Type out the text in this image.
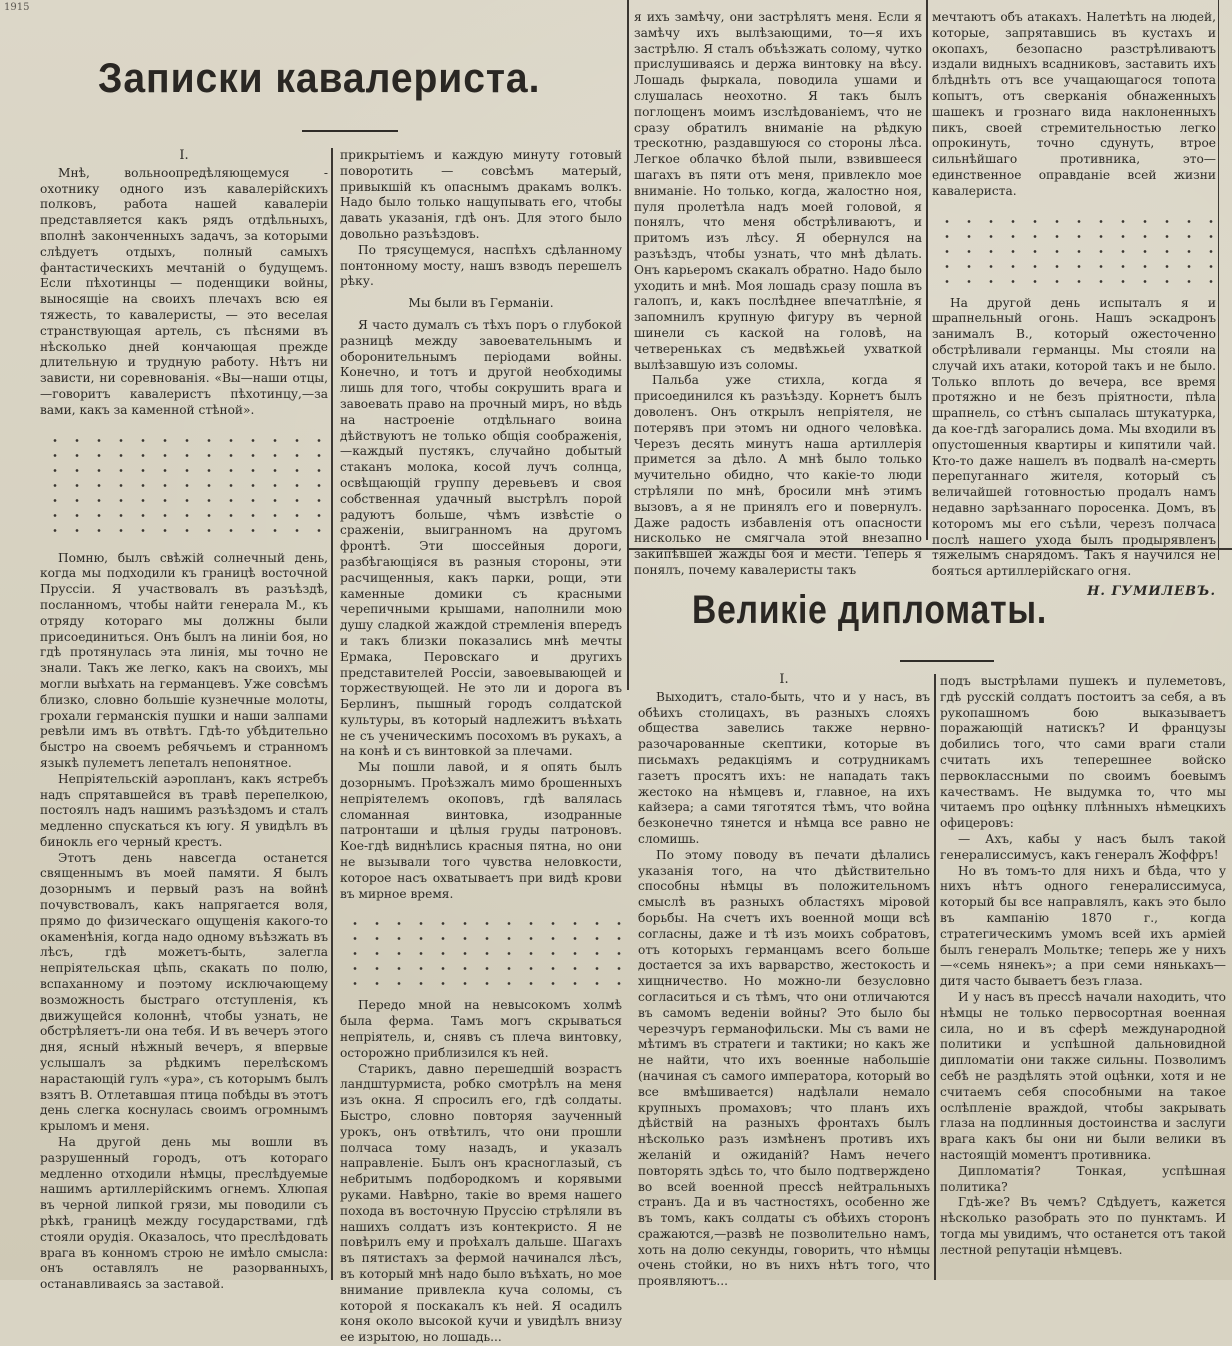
1915
Записки кавалериста.
I.

Мнѣ, вольноопредѣляющемуся - охотнику одного изъ кавалерійскихъ полковъ, работа нашей кавалеріи представляется какъ рядъ отдѣльныхъ, вполнѣ законченныхъ задачъ, за которыми слѣдуетъ отдыхъ, полный самыхъ фантастическихъ мечтаній о будущемъ. Если пѣхотинцы — поденщики войны, выносящіе на своихъ плечахъ всю ея тяжесть, то кавалеристы, — это веселая странствующая артель, съ пѣснями въ нѣсколько дней кончающая прежде длительную и трудную работу. Нѣтъ ни зависти, ни соревнованія. «Вы—наши отцы,—говоритъ кавалеристъ пѣхотинцу,—за вами, какъ за каменной стѣной».

Помню, былъ свѣжій солнечный день, когда мы подходили къ границѣ восточной Пруссіи. Я участвовалъ въ разъѣздѣ, посланномъ, чтобы найти генерала М., къ отряду котораго мы должны были присоединиться. Онъ былъ на линіи боя, но гдѣ протянулась эта линія, мы точно не знали. Такъ же легко, какъ на своихъ, мы могли выѣхать на германцевъ. Уже совсѣмъ близко, словно большіе кузнечные молоты, грохали германскія пушки и наши залпами ревѣли имъ въ отвѣтъ. Гдѣ-то убѣдительно быстро на своемъ ребячьемъ и странномъ языкѣ пулеметъ лепеталъ непонятное.

Непріятельскій аэропланъ, какъ ястребъ надъ спрятавшейся въ травѣ перепелкою, постоялъ надъ нашимъ разъѣздомъ и сталъ медленно спускаться къ югу. Я увидѣлъ въ бинокль его черный крестъ.

Этотъ день навсегда останется священнымъ въ моей памяти. Я былъ дозорнымъ и первый разъ на войнѣ почувствовалъ, какъ напрягается воля, прямо до физическаго ощущенія какого-то окаменѣнія, когда надо одному въѣзжать въ лѣсъ, гдѣ можетъ-быть, залегла непріятельская цѣпь, скакать по полю, вспаханному и поэтому исключающему возможность быстраго отступленія, къ движущейся колоннѣ, чтобы узнать, не обстрѣляетъ-ли она тебя. И въ вечеръ этого дня, ясный нѣжный вечеръ, я впервые услышалъ за рѣдкимъ перелѣскомъ нарастающій гулъ «ура», съ которымъ былъ взятъ В. Отлетавшая птица побѣды въ этотъ день слегка коснулась своимъ огромнымъ крыломъ и меня.

На другой день мы вошли въ разрушенный городъ, отъ котораго медленно отходили нѣмцы, преслѣдуемые нашимъ артиллерійскимъ огнемъ. Хлюпая въ черной липкой грязи, мы поводили съ рѣкѣ, границѣ между государствами, гдѣ стояли орудія. Оказалось, что преслѣдовать врага въ конномъ строю не имѣло смысла: онъ оставлялъ не разорванныхъ, останавливаясь за заставой.

прикрытіемъ и каждую минуту готовый поворотить — совсѣмъ матерый, привыкшій къ опаснымъ дракамъ волкъ. Надо было только нащупывать его, чтобы давать указанія, гдѣ онъ. Для этого было довольно разъѣздовъ.

По трясущемуся, наспѣхъ сдѣланному понтонному мосту, нашъ взводъ перешелъ рѣку.

Мы были въ Германіи.

Я часто думалъ съ тѣхъ поръ о глубокой разницѣ между завоевательнымъ и оборонительнымъ періодами войны. Конечно, и тотъ и другой необходимы лишь для того, чтобы сокрушить врага и завоевать право на прочный миръ, но вѣдь на настроеніе отдѣльнаго воина дѣйствуютъ не только общія соображенія,—каждый пустякъ, случайно добытый стаканъ молока, косой лучъ солнца, освѣщающій группу деревьевъ и своя собственная удачный выстрѣлъ порой радуютъ больше, чѣмъ извѣстіе о сраженіи, выигранномъ на другомъ фронтѣ. Эти шоссейныя дороги, разбѣгающіяся въ разныя стороны, эти расчищенныя, какъ парки, рощи, эти каменные домики съ красными черепичными крышами, наполнили мою душу сладкой жаждой стремленія впередъ и такъ близки показались мнѣ мечты Ермака, Перовскаго и другихъ представителей Россіи, завоевывающей и торжествующей. Не это ли и дорога въ Берлинъ, пышный городъ солдатской культуры, въ который надлежитъ въѣхать не съ ученическимъ посохомъ въ рукахъ, а на конѣ и съ винтовкой за плечами.

Мы пошли лавой, и я опять былъ дозорнымъ. Проѣзжалъ мимо брошенныхъ непріятелемъ окоповъ, гдѣ валялась сломанная винтовка, изодранные патронташи и цѣлыя груды патроновъ. Кое-гдѣ виднѣлись красныя пятна, но они не вызывали того чувства неловкости, которое насъ охватываетъ при видѣ крови въ мирное время.

Передо мной на невысокомъ холмѣ была ферма. Тамъ могъ скрываться непріятель, и, снявъ съ плеча винтовку, осторожно приблизился къ ней.

Старикъ, давно перешедшій возрастъ ландштурмиста, робко смотрѣлъ на меня изъ окна. Я спросилъ его, гдѣ солдаты. Быстро, словно повторяя заученный урокъ, онъ отвѣтилъ, что они прошли полчаса тому назадъ, и указалъ направленіе. Былъ онъ красноглазый, съ небритымъ подбородкомъ и корявыми руками. Навѣрно, такіе во время нашего похода въ восточную Пруссію стрѣляли въ нашихъ солдатъ изъ контекристо. Я не повѣрилъ ему и проѣхалъ дальше. Шагахъ въ пятистахъ за фермой начинался лѣсъ, въ который мнѣ надо было въѣхать, но мое внимание привлекла куча соломы, съ которой я поскакалъ къ ней. Я осадилъ коня около высокой кучи и увидѣлъ внизу ее изрытою, но лошадь...

я ихъ замѣчу, они застрѣлятъ меня. Если я замѣчу ихъ вылѣзающими, то—я ихъ застрѣлю. Я сталъ объѣзжать солому, чутко прислушиваясь и держа винтовку на вѣсу. Лошадь фыркала, поводила ушами и слушалась неохотно. Я такъ былъ поглощенъ моимъ изслѣдованіемъ, что не сразу обратилъ вниманіе на рѣдкую трескотню, раздавшуюся со стороны лѣса. Легкое облачко бѣлой пыли, взвившееся шагахъ въ пяти отъ меня, привлекло мое вниманіе. Но только, когда, жалостно ноя, пуля пролетѣла надъ моей головой, я понялъ, что меня обстрѣливаютъ, и притомъ изъ лѣсу. Я обернулся на разъѣздъ, чтобы узнать, что мнѣ дѣлать. Онъ карьеромъ скакалъ обратно. Надо было уходить и мнѣ. Моя лошадь сразу пошла въ галопъ, и, какъ послѣднее впечатлѣніе, я запомнилъ крупную фигуру въ черной шинели съ каской на головѣ, на четвереньках съ медвѣжьей ухваткой вылѣзавшую изъ соломы.

Пальба уже стихла, когда я присоединился къ разъѣзду. Корнетъ былъ доволенъ. Онъ открылъ непріятеля, не потерявъ при этомъ ни одного человѣка. Черезъ десять минутъ наша артиллерія примется за дѣло. А мнѣ было только мучительно обидно, что какіе-то люди стрѣляли по мнѣ, бросили мнѣ этимъ вызовъ, а я не принялъ его и повернулъ. Даже радость избавленія отъ опасности нисколько не смягчала этой внезапно закипѣвшей жажды боя и мести. Теперь я понялъ, почему кавалеристы такъ

мечтаютъ объ атакахъ. Налетѣть на людей, которые, запрятавшись въ кустахъ и окопахъ, безопасно разстрѣливаютъ издали видныхъ всадниковъ, заставить ихъ блѣднѣть отъ все учащающагося топота копытъ, отъ сверканія обнаженныхъ шашекъ и грознаго вида наклоненныхъ пикъ, своей стремительностью легко опрокинуть, точно сдунуть, втрое сильнѣйшаго противника, это—единственное оправданіе всей жизни кавалериста.

На другой день испыталъ я и шрапнельный огонь. Нашъ эскадронъ занималъ В., который ожесточенно обстрѣливали германцы. Мы стояли на случай ихъ атаки, которой такъ и не было. Только вплоть до вечера, все время протяжно и не безъ пріятности, пѣла шрапнель, со стѣнъ сыпалась штукатурка, да кое-гдѣ загорались дома. Мы входили въ опустошенныя квартиры и кипятили чай. Кто-то даже нашелъ въ подвалѣ на-смерть перепуганнаго жителя, который съ величайшей готовностью продалъ намъ недавно зарѣзаннаго поросенка. Домъ, въ которомъ мы его съѣли, черезъ полчаса послѣ нашего ухода былъ продырявленъ тяжелымъ снарядомъ. Такъ я научился не бояться артиллерійскаго огня.

Н. ГУМИЛЕВЪ.
Великіе дипломаты.
I.

Выходитъ, стало-быть, что и у насъ, въ обѣихъ столицахъ, въ разныхъ слояхъ общества завелись также нервно-разочарованные скептики, которые въ письмахъ редакціямъ и сотрудникамъ газетъ просятъ ихъ: не нападать такъ жестоко на нѣмцевъ и, главное, на ихъ кайзера; а сами тяготятся тѣмъ, что война безконечно тянется и нѣмца все равно не сломишь.

По этому поводу въ печати дѣлались указанія того, на что дѣйствительно способны нѣмцы въ положительномъ смыслѣ въ разныхъ областяхъ міровой борьбы. На счетъ ихъ военной мощи всѣ согласны, даже и тѣ изъ моихъ собратовъ, отъ которыхъ германцамъ всего больше достается за ихъ варварство, жестокость и хищничество. Но можно-ли безусловно согласиться и съ тѣмъ, что они отличаются въ самомъ веденіи войны? Это было бы черезчуръ германофильски. Мы съ вами не мѣтимъ въ стратеги и тактики; но какъ же не найти, что ихъ военные набольшіе (начиная съ самого императора, который во все вмѣшивается) надѣлали немало крупныхъ промаховъ; что планъ ихъ дѣйствій на разныхъ фронтахъ былъ нѣсколько разъ измѣненъ противъ ихъ желаній и ожиданій? Намъ нечего повторять здѣсь то, что было подтверждено во всей военной прессѣ нейтральныхъ странъ. Да и въ частностяхъ, особенно же въ томъ, какъ солдаты съ обѣихъ сторонъ сражаются,—развѣ не позволительно намъ, хоть на долю секунды, говорить, что нѣмцы очень стойки, но въ нихъ нѣтъ того, что проявляютъ...

подъ выстрѣлами пушекъ и пулеметовъ, гдѣ русскій солдатъ постоитъ за себя, а въ рукопашномъ бою выказываетъ поражающій натискъ? И французы добились того, что сами враги стали считать ихъ теперешнее войско первоклассными по своимъ боевымъ качествамъ. Не выдумка то, что мы читаемъ про оцѣнку плѣнныхъ нѣмецкихъ офицеровъ:

— Ахъ, кабы у насъ былъ такой генералиссимусъ, какъ генералъ Жоффръ!

Но въ томъ-то для нихъ и бѣда, что у нихъ нѣтъ одного генералиссимуса, который бы все направлялъ, какъ это было въ кампанію 1870 г., когда стратегическимъ умомъ всей ихъ арміей былъ генералъ Мольтке; теперь же у нихъ—«семь нянекъ»; а при семи нянькахъ—дитя часто бываетъ безъ глаза.

И у насъ въ прессѣ начали находить, что нѣмцы не только первосортная военная сила, но и въ сферѣ международной политики и успѣшной дальновидной дипломатіи они также сильны. Позволимъ себѣ не раздѣлять этой оцѣнки, хотя и не считаемъ себя способными на такое ослѣпленіе враждой, чтобы закрывать глаза на подлинныя достоинства и заслуги врага какъ бы они ни были велики въ настоящій моментъ противника.

Дипломатія? Тонкая, успѣшная политика?

Гдѣ-же? Въ чемъ? Сдѣдуетъ, кажется нѣсколько разобрать это по пунктамъ. И тогда мы увидимъ, что останется отъ такой лестной репутаціи нѣмцевъ.
